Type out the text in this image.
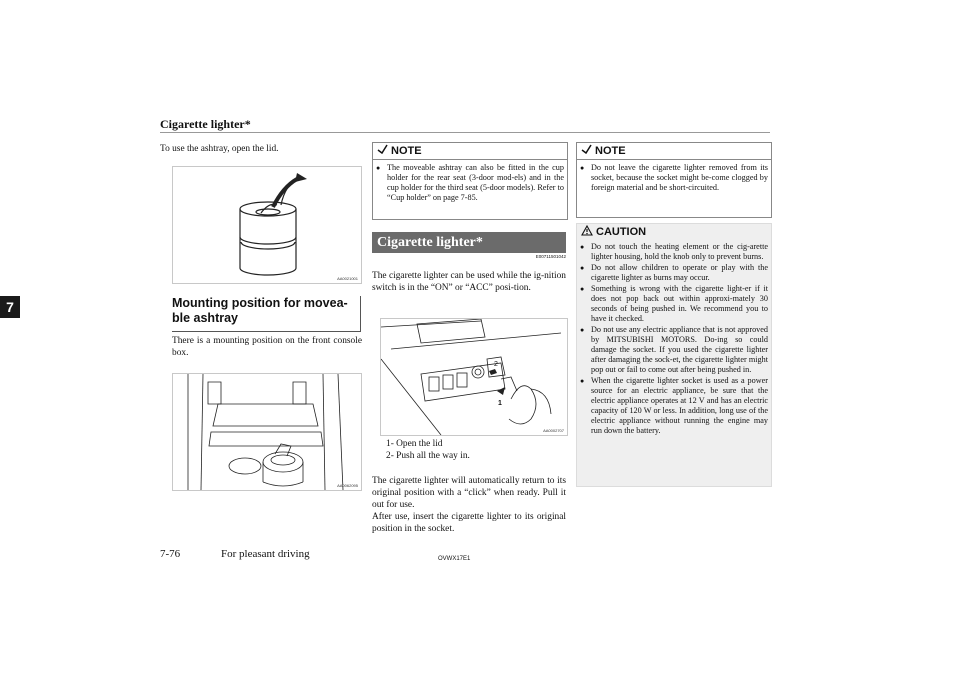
Cigarette lighter*
7
To use the ashtray, open the lid.
AA0021001
Mounting position for movea-ble ashtray
There is a mounting position on the front console box.
AA0062095
NOTE
● The moveable ashtray can also be fitted in the cup holder for the rear seat (3-door mod-els) and in the cup holder for the third seat (5-door models). Refer to “Cup holder” on page 7-85.
Cigarette lighter*
E00711501042
The cigarette lighter can be used while the ig-nition switch is in the “ON” or “ACC” posi-tion.
2
1
AA0002707
1- Open the lid
2- Push all the way in.

The cigarette lighter will automatically return to its original position with a “click” when ready. Pull it out for use.

After use, insert the cigarette lighter to its original position in the socket.

NOTE
● Do not leave the cigarette lighter removed from its socket, because the socket might be-come clogged by foreign material and be short-circuited.
CAUTION
● Do not touch the heating element or the cig-arette lighter housing, hold the knob only to prevent burns.
● Do not allow children to operate or play with the cigarette lighter as burns may occur.
● Something is wrong with the cigarette light-er if it does not pop back out within approxi-mately 30 seconds of being pushed in. We recommend you to have it checked.
● Do not use any electric appliance that is not approved by MITSUBISHI MOTORS. Do-ing so could damage the socket. If you used the cigarette lighter after damaging the sock-et, the cigarette lighter might pop out or fail to come out after being pushed in.
● When the cigarette lighter socket is used as a power source for an electric appliance, be sure that the electric appliance operates at 12 V and has an electric capacity of 120 W or less. In addition, long use of the electric appliance without running the engine may run down the battery.
7-76	For pleasant driving	OVWX17E1
